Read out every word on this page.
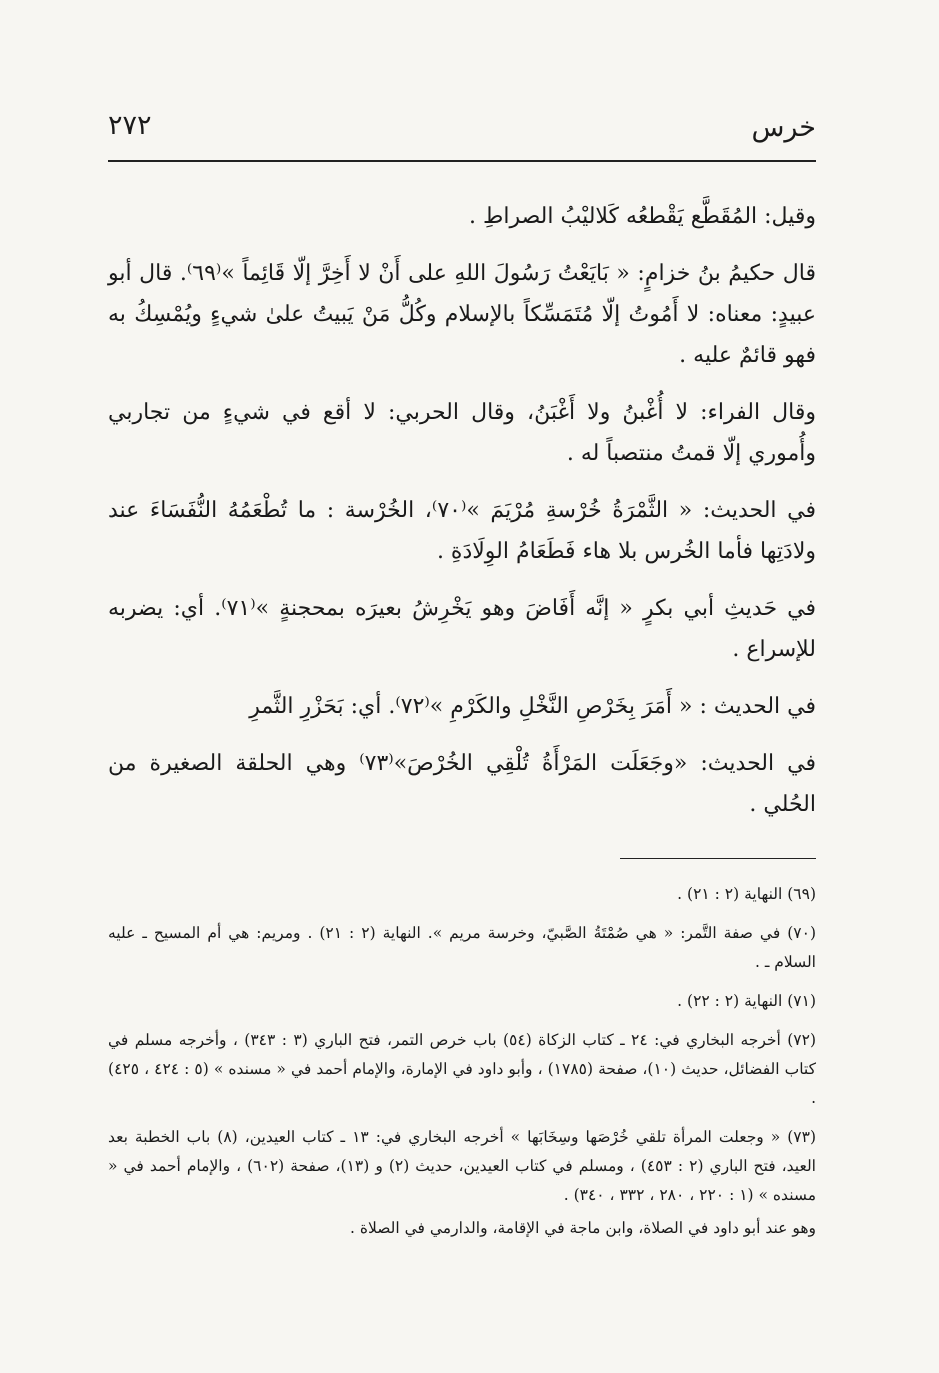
خرس
٢٧٢

وقيل: المُقَطَّع يَقْطعُه كَلاليْبُ الصراطِ .

قال حكيمُ بنُ خزامٍ: « بَايَعْتُ رَسُولَ اللهِ على أَنْ لا أَخِرَّ إلّا قَائِماً »⁽٦٩⁾. قال أبو عبيدٍ: معناه: لا أَمُوتُ إلّا مُتَمَسِّكاً بالإسلام وكُلُّ مَنْ يَبيتُ علىٰ شيءٍ ويُمْسِكُ به فهو قائمٌ عليه .

وقال الفراء: لا أُغْبنُ ولا أَغْبَنُ، وقال الحربي: لا أقع في شيءٍ من تجاربي وأُموري إلّا قمتُ منتصباً له .

في الحديث: « الثَّمْرَةُ خُرْسةِ مُرْيَمَ »⁽٧٠⁾، الخُرْسة : ما تُطْعَمُهُ النُّفَسَاءَ عند ولادَتِها فأما الخُرس بلا هاء فَطَعَامُ الوِلَادَةِ .

في حَديثِ أبي بكرٍ « إنَّه أَفَاضَ وهو يَخْرِشُ بعيرَه بمحجنةٍ »⁽٧١⁾. أي: يضربه للإسراع .

في الحديث : « أَمَرَ بِخَرْصِ النَّخْلِ والكَرْمِ »⁽٧٢⁾. أي: بَحَزْرِ الثَّمرِ

في الحديث: «وجَعَلَت المَرْأَةُ تُلْقِي الخُرْصَ»⁽٧٣⁾ وهي الحلقة الصغيرة من الحُلي .

(٦٩) النهاية (٢ : ٢١) .

(٧٠) في صفة التَّمر: « هي صُمْتَةُ الصَّبيّ، وخرسة مريم ». النهاية (٢ : ٢١) . ومريم: هي أم المسيح ـ عليه السلام ـ .

(٧١) النهاية (٢ : ٢٢) .

(٧٢) أخرجه البخاري في: ٢٤ ـ كتاب الزكاة (٥٤) باب خرص التمر، فتح الباري (٣ : ٣٤٣) ، وأخرجه مسلم في كتاب الفضائل، حديث (١٠)، صفحة (١٧٨٥) ، وأبو داود في الإمارة، والإمام أحمد في « مسنده » (٥ : ٤٢٤ ، ٤٢٥) .

(٧٣) « وجعلت المرأة تلقي خُرْصَها وسِخَابَها » أخرجه البخاري في: ١٣ ـ كتاب العيدين، (٨) باب الخطبة بعد العيد، فتح الباري (٢ : ٤٥٣) ، ومسلم في كتاب العيدين، حديث (٢) و (١٣)، صفحة (٦٠٢) ، والإمام أحمد في « مسنده » (١ : ٢٢٠ ، ٢٨٠ ، ٣٣٢ ، ٣٤٠) .

وهو عند أبو داود في الصلاة، وابن ماجة في الإقامة، والدارمي في الصلاة .
